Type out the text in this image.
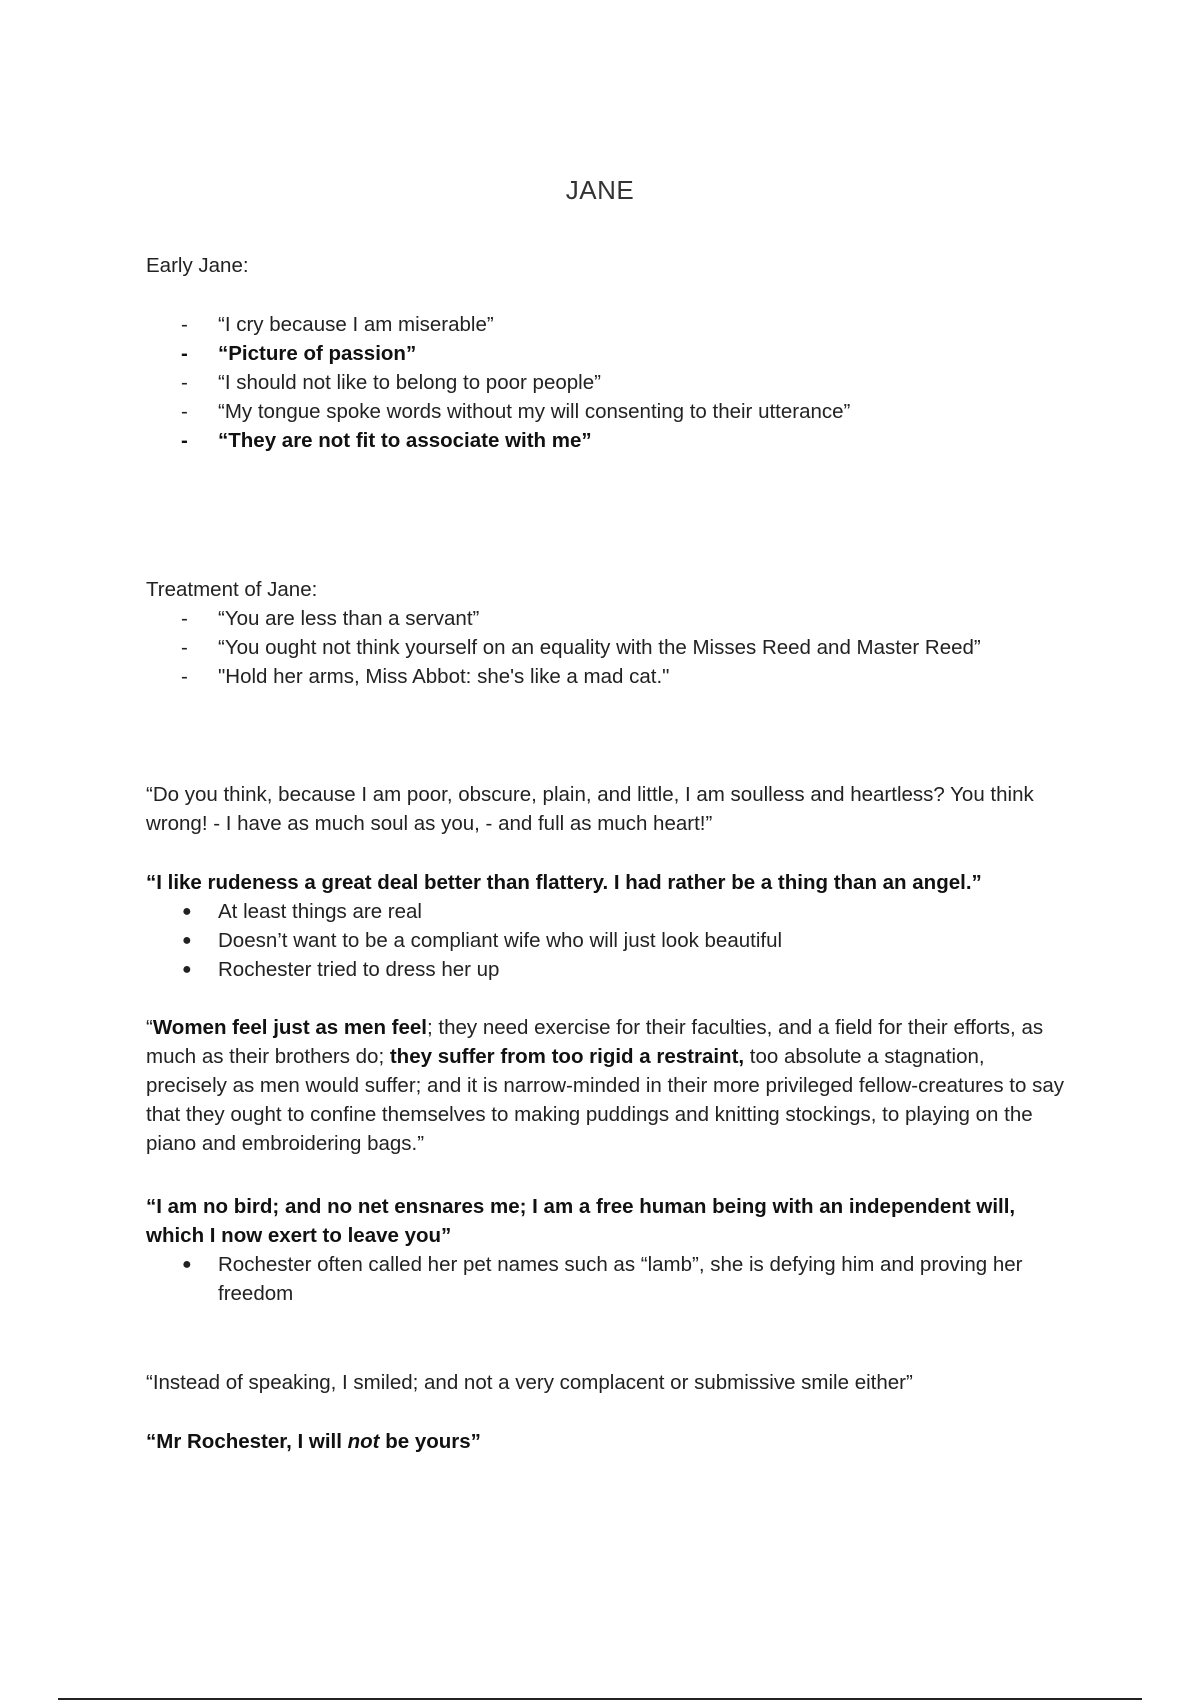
JANE
Early Jane:
- “I cry because I am miserable”
- “Picture of passion”
- “I should not like to belong to poor people”
- “My tongue spoke words without my will consenting to their utterance”
- “They are not fit to associate with me”
Treatment of Jane:
- “You are less than a servant”
- “You ought not think yourself on an equality with the Misses Reed and Master Reed”
- "Hold her arms, Miss Abbot: she's like a mad cat."

“Do you think, because I am poor, obscure, plain, and little, I am soulless and heartless? You think wrong! - I have as much soul as you, - and full as much heart!”

“I like rudeness a great deal better than flattery. I had rather be a thing than an angel.”

● At least things are real
● Doesn’t want to be a compliant wife who will just look beautiful
● Rochester tried to dress her up

“Women feel just as men feel; they need exercise for their faculties, and a field for their efforts, as much as their brothers do; they suffer from too rigid a restraint, too absolute a stagnation, precisely as men would suffer; and it is narrow-minded in their more privileged fellow-creatures to say that they ought to confine themselves to making puddings and knitting stockings, to playing on the piano and embroidering bags.”

“I am no bird; and no net ensnares me; I am a free human being with an independent will, which I now exert to leave you”

● Rochester often called her pet names such as “lamb”, she is defying him and proving her freedom

“Instead of speaking, I smiled; and not a very complacent or submissive smile either”

“Mr Rochester, I will not be yours”
